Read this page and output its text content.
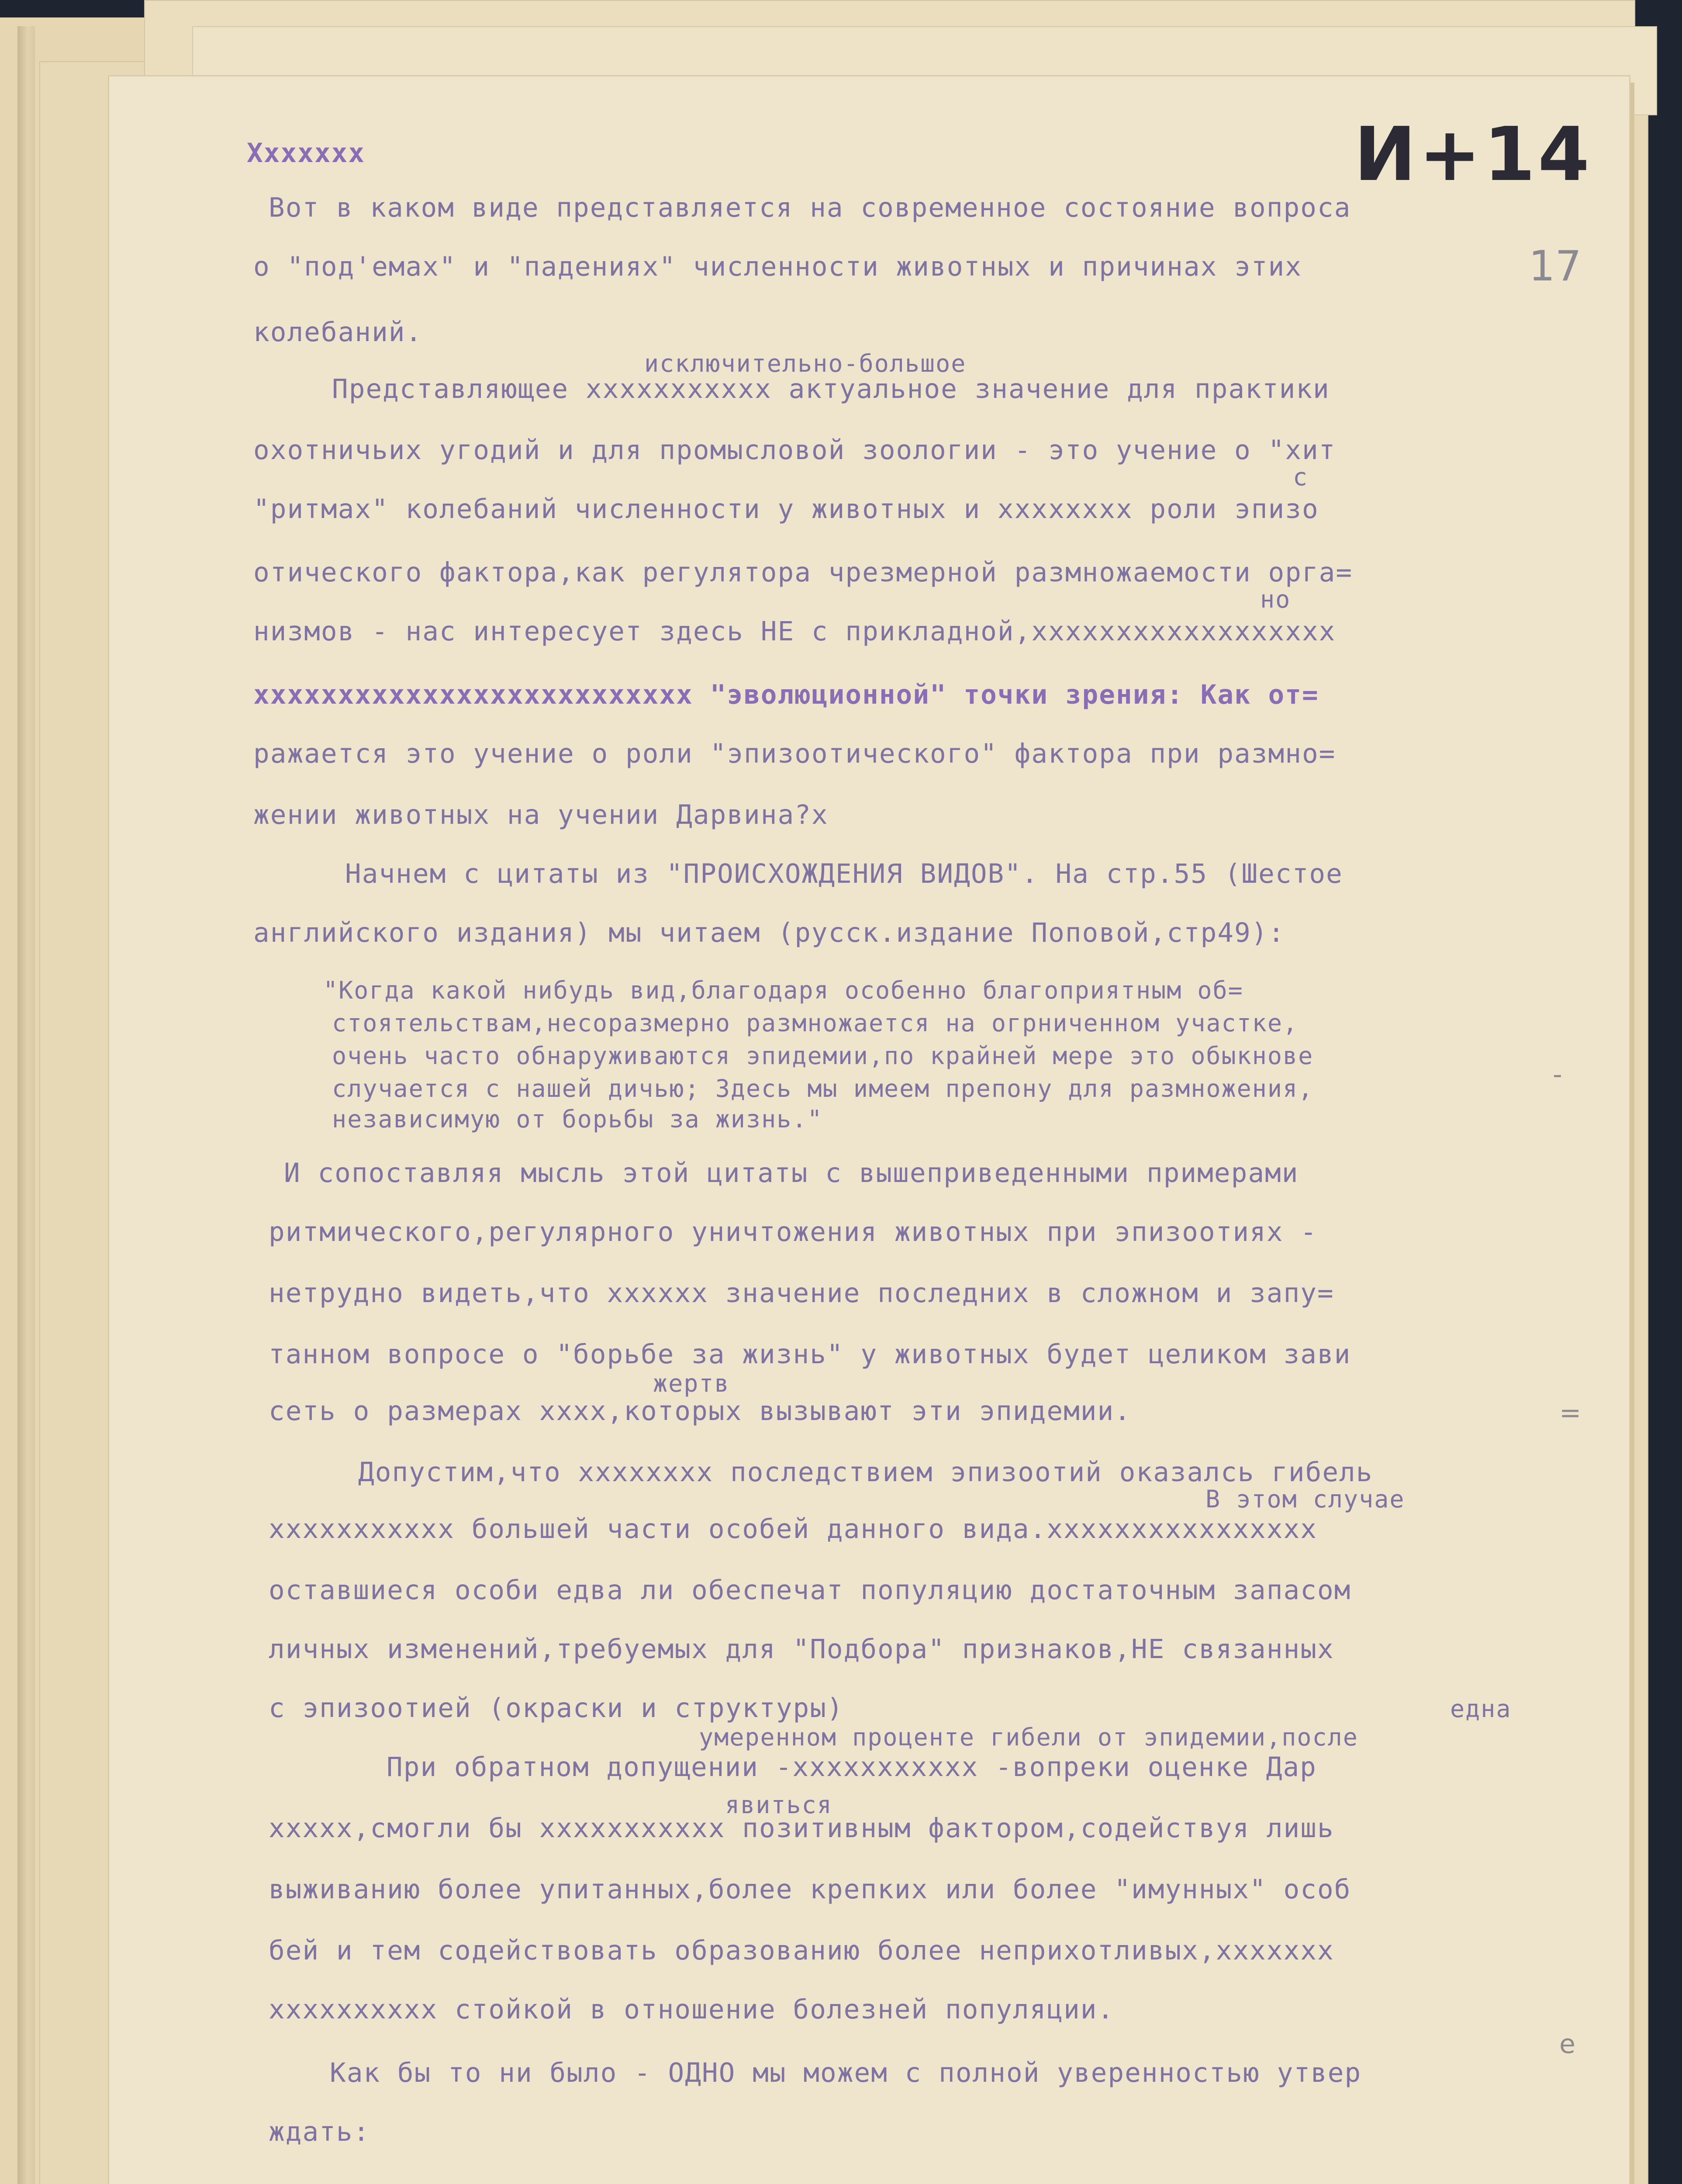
И+14
17
-
=
е

Ххххххх

Вот в каком виде представляется на современное состояние вопроса

о "под'емах" и "падениях" численности животных и причинах этих

колебаний.

исключительно-большое

Представляющее ххххххххххх актуальное значение для практики

охотничьих угодий и для промысловой зоологии - это учение о "хит

с

"ритмах" колебаний численности у животных и хххххххх роли эпизо

отического фактора,как регулятора чрезмерной размножаемости орга=

но

низмов - нас интересует здесь НЕ с прикладной,хххххххххххххххххх

хххххххххххххххххххххххххх "эволюционной" точки зрения: Как от=

ражается это учение о роли "эпизоотического" фактора при размно=

жении животных на учении Дарвина?х

Начнем с цитаты из "ПРОИСХОЖДЕНИЯ ВИДОВ". На стр.55 (Шестое

английского издания) мы читаем (русск.издание Поповой,стр49):

"Когда какой нибудь вид,благодаря особенно благоприятным об=

стоятельствам,несоразмерно размножается на огрниченном участке,

очень часто обнаруживаются эпидемии,по крайней мере это обыкнове

случается с нашей дичью; Здесь мы имеем препону для размножения,

независимую от борьбы за жизнь."

И сопоставляя мысль этой цитаты с вышеприведенными примерами

ритмического,регулярного уничтожения животных при эпизоотиях -

нетрудно видеть,что хххххх значение последних в сложном и запу=

танном вопросе о "борьбе за жизнь" у животных будет целиком зави

жертв

сеть о размерах хххх,которых вызывают эти эпидемии.

Допустим,что хххххххх последствием эпизоотий оказалсь гибель

В этом случае

ххххххххххх большей части особей данного вида.хххххххххххххххх

оставшиеся особи едва ли обеспечат популяцию достаточным запасом

личных изменений,требуемых для "Подбора" признаков,НЕ связанных

с эпизоотией (окраски и структуры)	една

умеренном проценте гибели от эпидемии,после

При обратном допущении -ххххххххххх -вопреки оценке Дар

явиться

ххххх,смогли бы ххххххххххх позитивным фактором,содействуя лишь

выживанию более упитанных,более крепких или более "имунных" особ

бей и тем содействовать образованию более неприхотливых,ххххххх

хххххххххх стойкой в отношение болезней популяции.

Как бы то ни было - ОДНО мы можем с полной уверенностью утвер

ждать:
